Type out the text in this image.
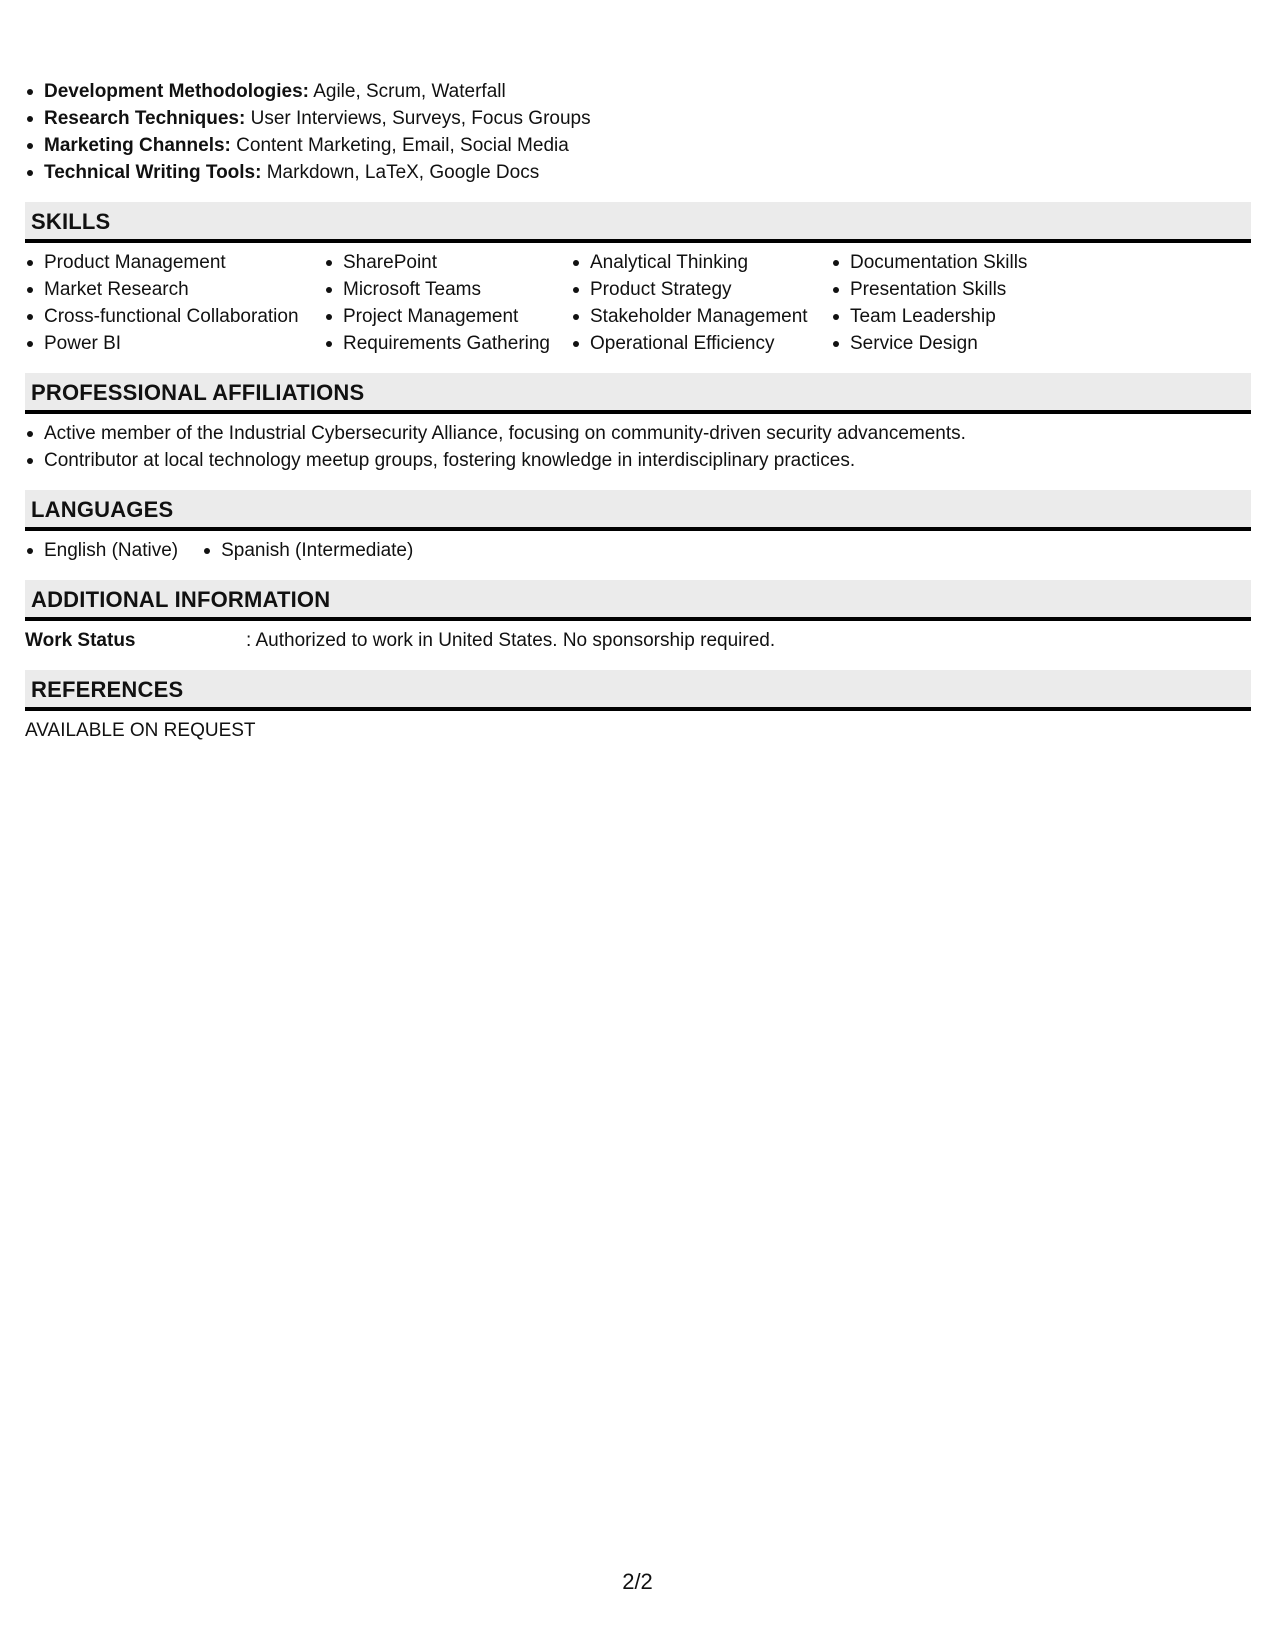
Development Methodologies: Agile, Scrum, Waterfall
Research Techniques: User Interviews, Surveys, Focus Groups
Marketing Channels: Content Marketing, Email, Social Media
Technical Writing Tools: Markdown, LaTeX, Google Docs
SKILLS
Product Management
Market Research
Cross-functional Collaboration
Power BI
SharePoint
Microsoft Teams
Project Management
Requirements Gathering
Analytical Thinking
Product Strategy
Stakeholder Management
Operational Efficiency
Documentation Skills
Presentation Skills
Team Leadership
Service Design
PROFESSIONAL AFFILIATIONS
Active member of the Industrial Cybersecurity Alliance, focusing on community-driven security advancements.
Contributor at local technology meetup groups, fostering knowledge in interdisciplinary practices.
LANGUAGES
English (Native)	Spanish (Intermediate)
ADDITIONAL INFORMATION
Work Status	: Authorized to work in United States. No sponsorship required.
REFERENCES

AVAILABLE ON REQUEST

2/2
